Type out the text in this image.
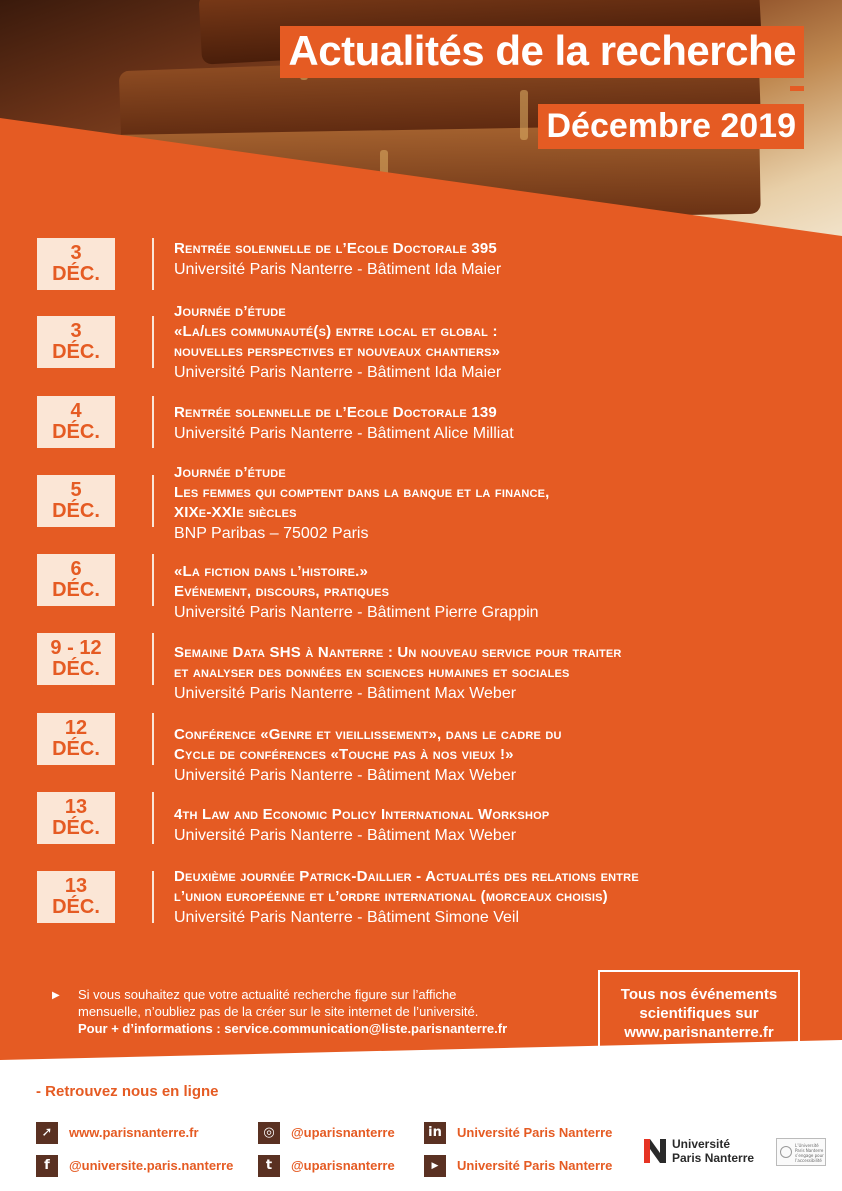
Actualités de la recherche
Décembre 2019
3
DÉC.
Rentrée solennelle de l’Ecole Doctorale 395
Université Paris Nanterre - Bâtiment Ida Maier
3
DÉC.
Journée d’étude
«La/les communauté(s) entre local et global :
nouvelles perspectives et nouveaux chantiers»
Université Paris Nanterre - Bâtiment Ida Maier
4
DÉC.
Rentrée solennelle de l’Ecole Doctorale 139
Université Paris Nanterre - Bâtiment Alice Milliat
5
DÉC.
Journée d’étude
Les femmes qui comptent dans la banque et la finance,
XIXe-XXIe siècles
BNP Paribas – 75002 Paris
6
DÉC.
«La fiction dans l’histoire.»
Evénement, discours, pratiques
Université Paris Nanterre - Bâtiment Pierre Grappin
9 - 12
DÉC.
Semaine Data SHS à Nanterre : Un nouveau service pour traiter
et analyser des données en sciences humaines et sociales
Université Paris Nanterre - Bâtiment Max Weber
12
DÉC.
Conférence «Genre et vieillissement», dans le cadre du
Cycle de conférences «Touche pas à nos vieux !»
Université Paris Nanterre - Bâtiment Max Weber
13
DÉC.
4th Law and Economic Policy International Workshop
Université Paris Nanterre - Bâtiment Max Weber
13
DÉC.
Deuxième journée Patrick-Daillier - Actualités des relations entre
l’union européenne et l’ordre international (morceaux choisis)
Université Paris Nanterre - Bâtiment Simone Veil
▶ Si vous souhaitez que votre actualité recherche figure sur l’affiche
mensuelle, n’oubliez pas de la créer sur le site internet de l’université.
Pour + d’informations : service.communication@liste.parisnanterre.fr
Tous nos événements
scientifiques sur
www.parisnanterre.fr
- Retrouvez nous en ligne
➚	www.parisnanterre.fr
f	@universite.paris.nanterre
◎	@uparisnanterre
t	@uparisnanterre
in	Université Paris Nanterre
▶	Université Paris Nanterre
Université
Paris Nanterre
L’Université Paris Nanterre s’engage pour l’accessibilité
